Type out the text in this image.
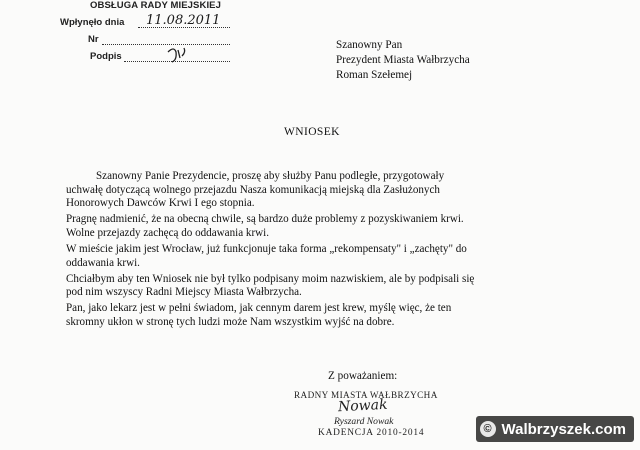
OBSŁUGA RADY MIEJSKIEJ
Wpłynęło dnia 11.08.2011
Nr
Podpis
Szanowny Pan
Prezydent Miasta Wałbrzycha
Roman Szełemej
WNIOSEK

Szanowny Panie Prezydencie, proszę aby służby Panu podległe, przygotowały
uchwałę dotyczącą wolnego przejazdu Nasza komunikacją miejską dla Zasłużonych
Honorowych Dawców Krwi I ego stopnia.

Pragnę nadmienić, że na obecną chwile, są bardzo duże problemy z pozyskiwaniem krwi.
Wolne przejazdy zachęcą do oddawania krwi.

W mieście jakim jest Wrocław, już funkcjonuje taka forma „rekompensaty" i „zachęty" do
oddawania krwi.

Chciałbym aby ten Wniosek nie był tylko podpisany moim nazwiskiem, ale by podpisali się
pod nim wszyscy Radni Miejscy Miasta Wałbrzycha.

Pan, jako lekarz jest w pełni świadom, jak cennym darem jest krew, myślę więc, że ten
skromny ukłon w stronę tych ludzi może Nam wszystkim wyjść na dobre.

Z poważaniem:
RADNY MIASTA WAŁBRZYCHA
Nowak
Ryszard Nowak
KADENCJA 2010-2014	© Walbrzyszek.com
